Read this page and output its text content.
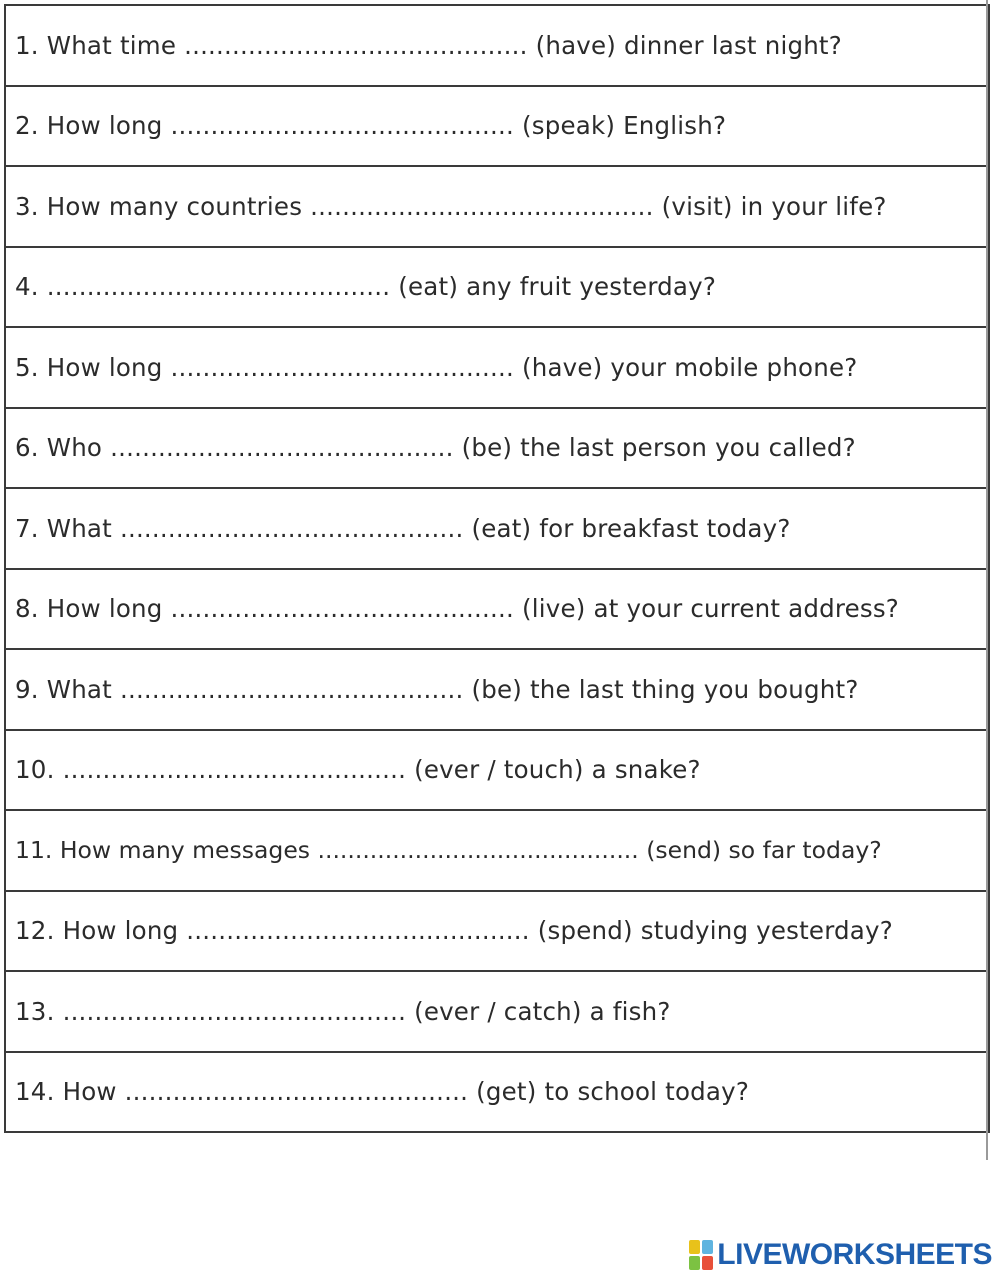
1.
What time
...........................................
(have) dinner last night?
2.
How long
...........................................
(speak) English?
3.
How many countries
...........................................
(visit) in your life?
4.
...........................................
(eat) any fruit yesterday?
5.
How long
...........................................
(have) your mobile phone?
6.
Who
...........................................
(be) the last person you called?
7.
What
...........................................
(eat) for breakfast today?
8.
How long
...........................................
(live) at your current address?
9.
What
...........................................
(be) the last thing you bought?
10.
...........................................
(ever / touch) a snake?
11.
How many messages
...........................................
(send) so far today?
12.
How long
...........................................
(spend) studying yesterday?
13.
...........................................
(ever / catch) a fish?
14.
How
...........................................
(get) to school today?
LIVEWORKSHEETS
